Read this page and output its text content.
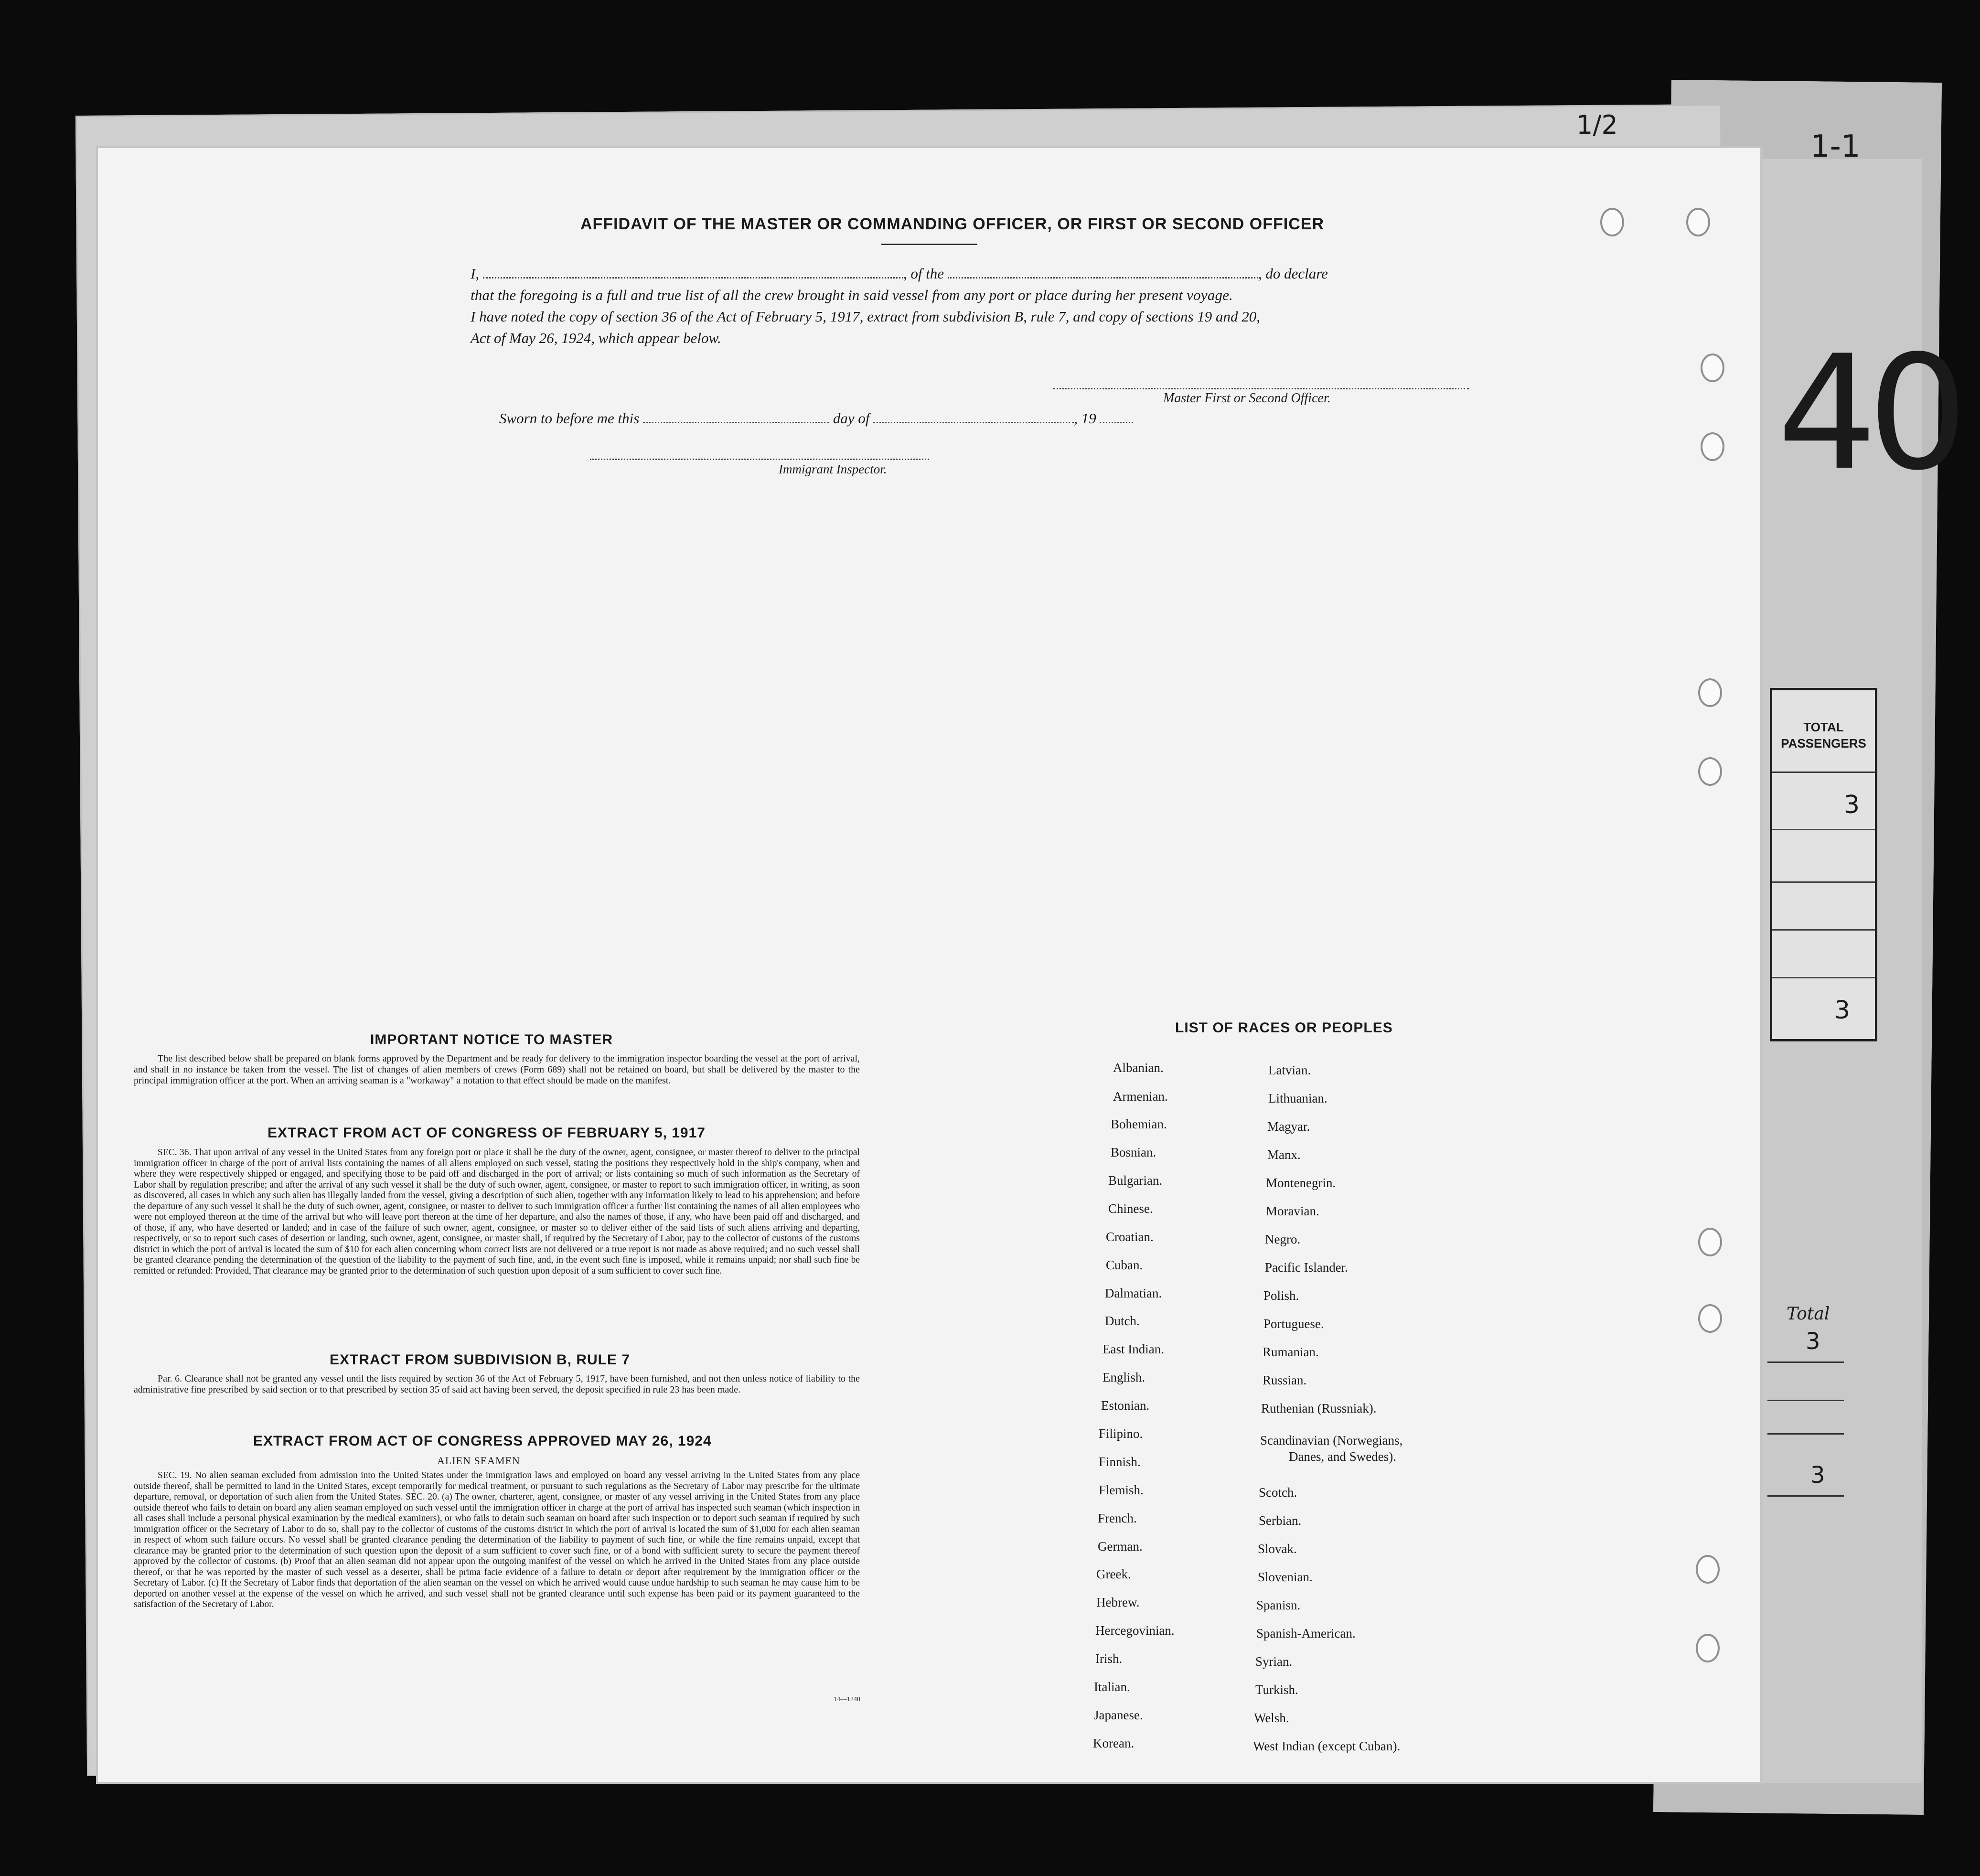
40
1-1
1/2
TOTAL PASSENGERS
3
3
Total
3
3
AFFIDAVIT OF THE MASTER OR COMMANDING OFFICER, OR FIRST OR SECOND OFFICER
I,	, of the	, do declare
that the foregoing is a full and true list of all the crew brought in said vessel from any port or place during her present voyage.
I have noted the copy of section 36 of the Act of February 5, 1917, extract from subdivision B, rule 7, and copy of sections 19 and 20,
Act of May 26, 1924, which appear below.
Master First or Second Officer.
Sworn to before me this	day of	, 19
Immigrant Inspector.
IMPORTANT NOTICE TO MASTER
The list described below shall be prepared on blank forms approved by the Department and be ready for delivery to the immigration inspector boarding the vessel at the port of arrival, and shall in no instance be taken from the vessel. The list of changes of alien members of crews (Form 689) shall not be retained on board, but shall be delivered by the master to the principal immigration officer at the port. When an arriving seaman is a "workaway" a notation to that effect should be made on the manifest.
EXTRACT FROM ACT OF CONGRESS OF FEBRUARY 5, 1917
SEC. 36. That upon arrival of any vessel in the United States from any foreign port or place it shall be the duty of the owner, agent, consignee, or master thereof to deliver to the principal immigration officer in charge of the port of arrival lists containing the names of all aliens employed on such vessel, stating the positions they respectively hold in the ship's company, when and where they were respectively shipped or engaged, and specifying those to be paid off and discharged in the port of arrival; or lists containing so much of such information as the Secretary of Labor shall by regulation prescribe; and after the arrival of any such vessel it shall be the duty of such owner, agent, consignee, or master to report to such immigration officer, in writing, as soon as discovered, all cases in which any such alien has illegally landed from the vessel, giving a description of such alien, together with any information likely to lead to his apprehension; and before the departure of any such vessel it shall be the duty of such owner, agent, consignee, or master to deliver to such immigration officer a further list containing the names of all alien employees who were not employed thereon at the time of the arrival but who will leave port thereon at the time of her departure, and also the names of those, if any, who have been paid off and discharged, and of those, if any, who have deserted or landed; and in case of the failure of such owner, agent, consignee, or master so to deliver either of the said lists of such aliens arriving and departing, respectively, or so to report such cases of desertion or landing, such owner, agent, consignee, or master shall, if required by the Secretary of Labor, pay to the collector of customs of the customs district in which the port of arrival is located the sum of $10 for each alien concerning whom correct lists are not delivered or a true report is not made as above required; and no such vessel shall be granted clearance pending the determination of the question of the liability to the payment of such fine, and, in the event such fine is imposed, while it remains unpaid; nor shall such fine be remitted or refunded: Provided, That clearance may be granted prior to the determination of such question upon deposit of a sum sufficient to cover such fine.
EXTRACT FROM SUBDIVISION B, RULE 7
Par. 6. Clearance shall not be granted any vessel until the lists required by section 36 of the Act of February 5, 1917, have been furnished, and not then unless notice of liability to the administrative fine prescribed by said section or to that prescribed by section 35 of said act having been served, the deposit specified in rule 23 has been made.
EXTRACT FROM ACT OF CONGRESS APPROVED MAY 26, 1924
ALIEN SEAMEN
SEC. 19. No alien seaman excluded from admission into the United States under the immigration laws and employed on board any vessel arriving in the United States from any place outside thereof, shall be permitted to land in the United States, except temporarily for medical treatment, or pursuant to such regulations as the Secretary of Labor may prescribe for the ultimate departure, removal, or deportation of such alien from the United States. SEC. 20. (a) The owner, charterer, agent, consignee, or master of any vessel arriving in the United States from any place outside thereof who fails to detain on board any alien seaman employed on such vessel until the immigration officer in charge at the port of arrival has inspected such seaman (which inspection in all cases shall include a personal physical examination by the medical examiners), or who fails to detain such seaman on board after such inspection or to deport such seaman if required by such immigration officer or the Secretary of Labor to do so, shall pay to the collector of customs of the customs district in which the port of arrival is located the sum of $1,000 for each alien seaman in respect of whom such failure occurs. No vessel shall be granted clearance pending the determination of the liability to payment of such fine, or while the fine remains unpaid, except that clearance may be granted prior to the determination of such question upon the deposit of a sum sufficient to cover such fine, or of a bond with sufficient surety to secure the payment thereof approved by the collector of customs. (b) Proof that an alien seaman did not appear upon the outgoing manifest of the vessel on which he arrived in the United States from any place outside thereof, or that he was reported by the master of such vessel as a deserter, shall be prima facie evidence of a failure to detain or deport after requirement by the immigration officer or the Secretary of Labor. (c) If the Secretary of Labor finds that deportation of the alien seaman on the vessel on which he arrived would cause undue hardship to such seaman he may cause him to be deported on another vessel at the expense of the vessel on which he arrived, and such vessel shall not be granted clearance until such expense has been paid or its payment guaranteed to the satisfaction of the Secretary of Labor.
14—1240
LIST OF RACES OR PEOPLES
Albanian.
Armenian.
Bohemian.
Bosnian.
Bulgarian.
Chinese.
Croatian.
Cuban.
Dalmatian.
Dutch.
East Indian.
English.
Estonian.
Filipino.
Finnish.
Flemish.
French.
German.
Greek.
Hebrew.
Hercegovinian.
Irish.
Italian.
Japanese.
Korean.
Latvian.
Lithuanian.
Magyar.
Manx.
Montenegrin.
Moravian.
Negro.
Pacific Islander.
Polish.
Portuguese.
Rumanian.
Russian.
Ruthenian (Russniak).
Scandinavian (Norwegians,
Danes, and Swedes).
Scotch.
Serbian.
Slovak.
Slovenian.
Spanisn.
Spanish-American.
Syrian.
Turkish.
Welsh.
West Indian (except Cuban).
